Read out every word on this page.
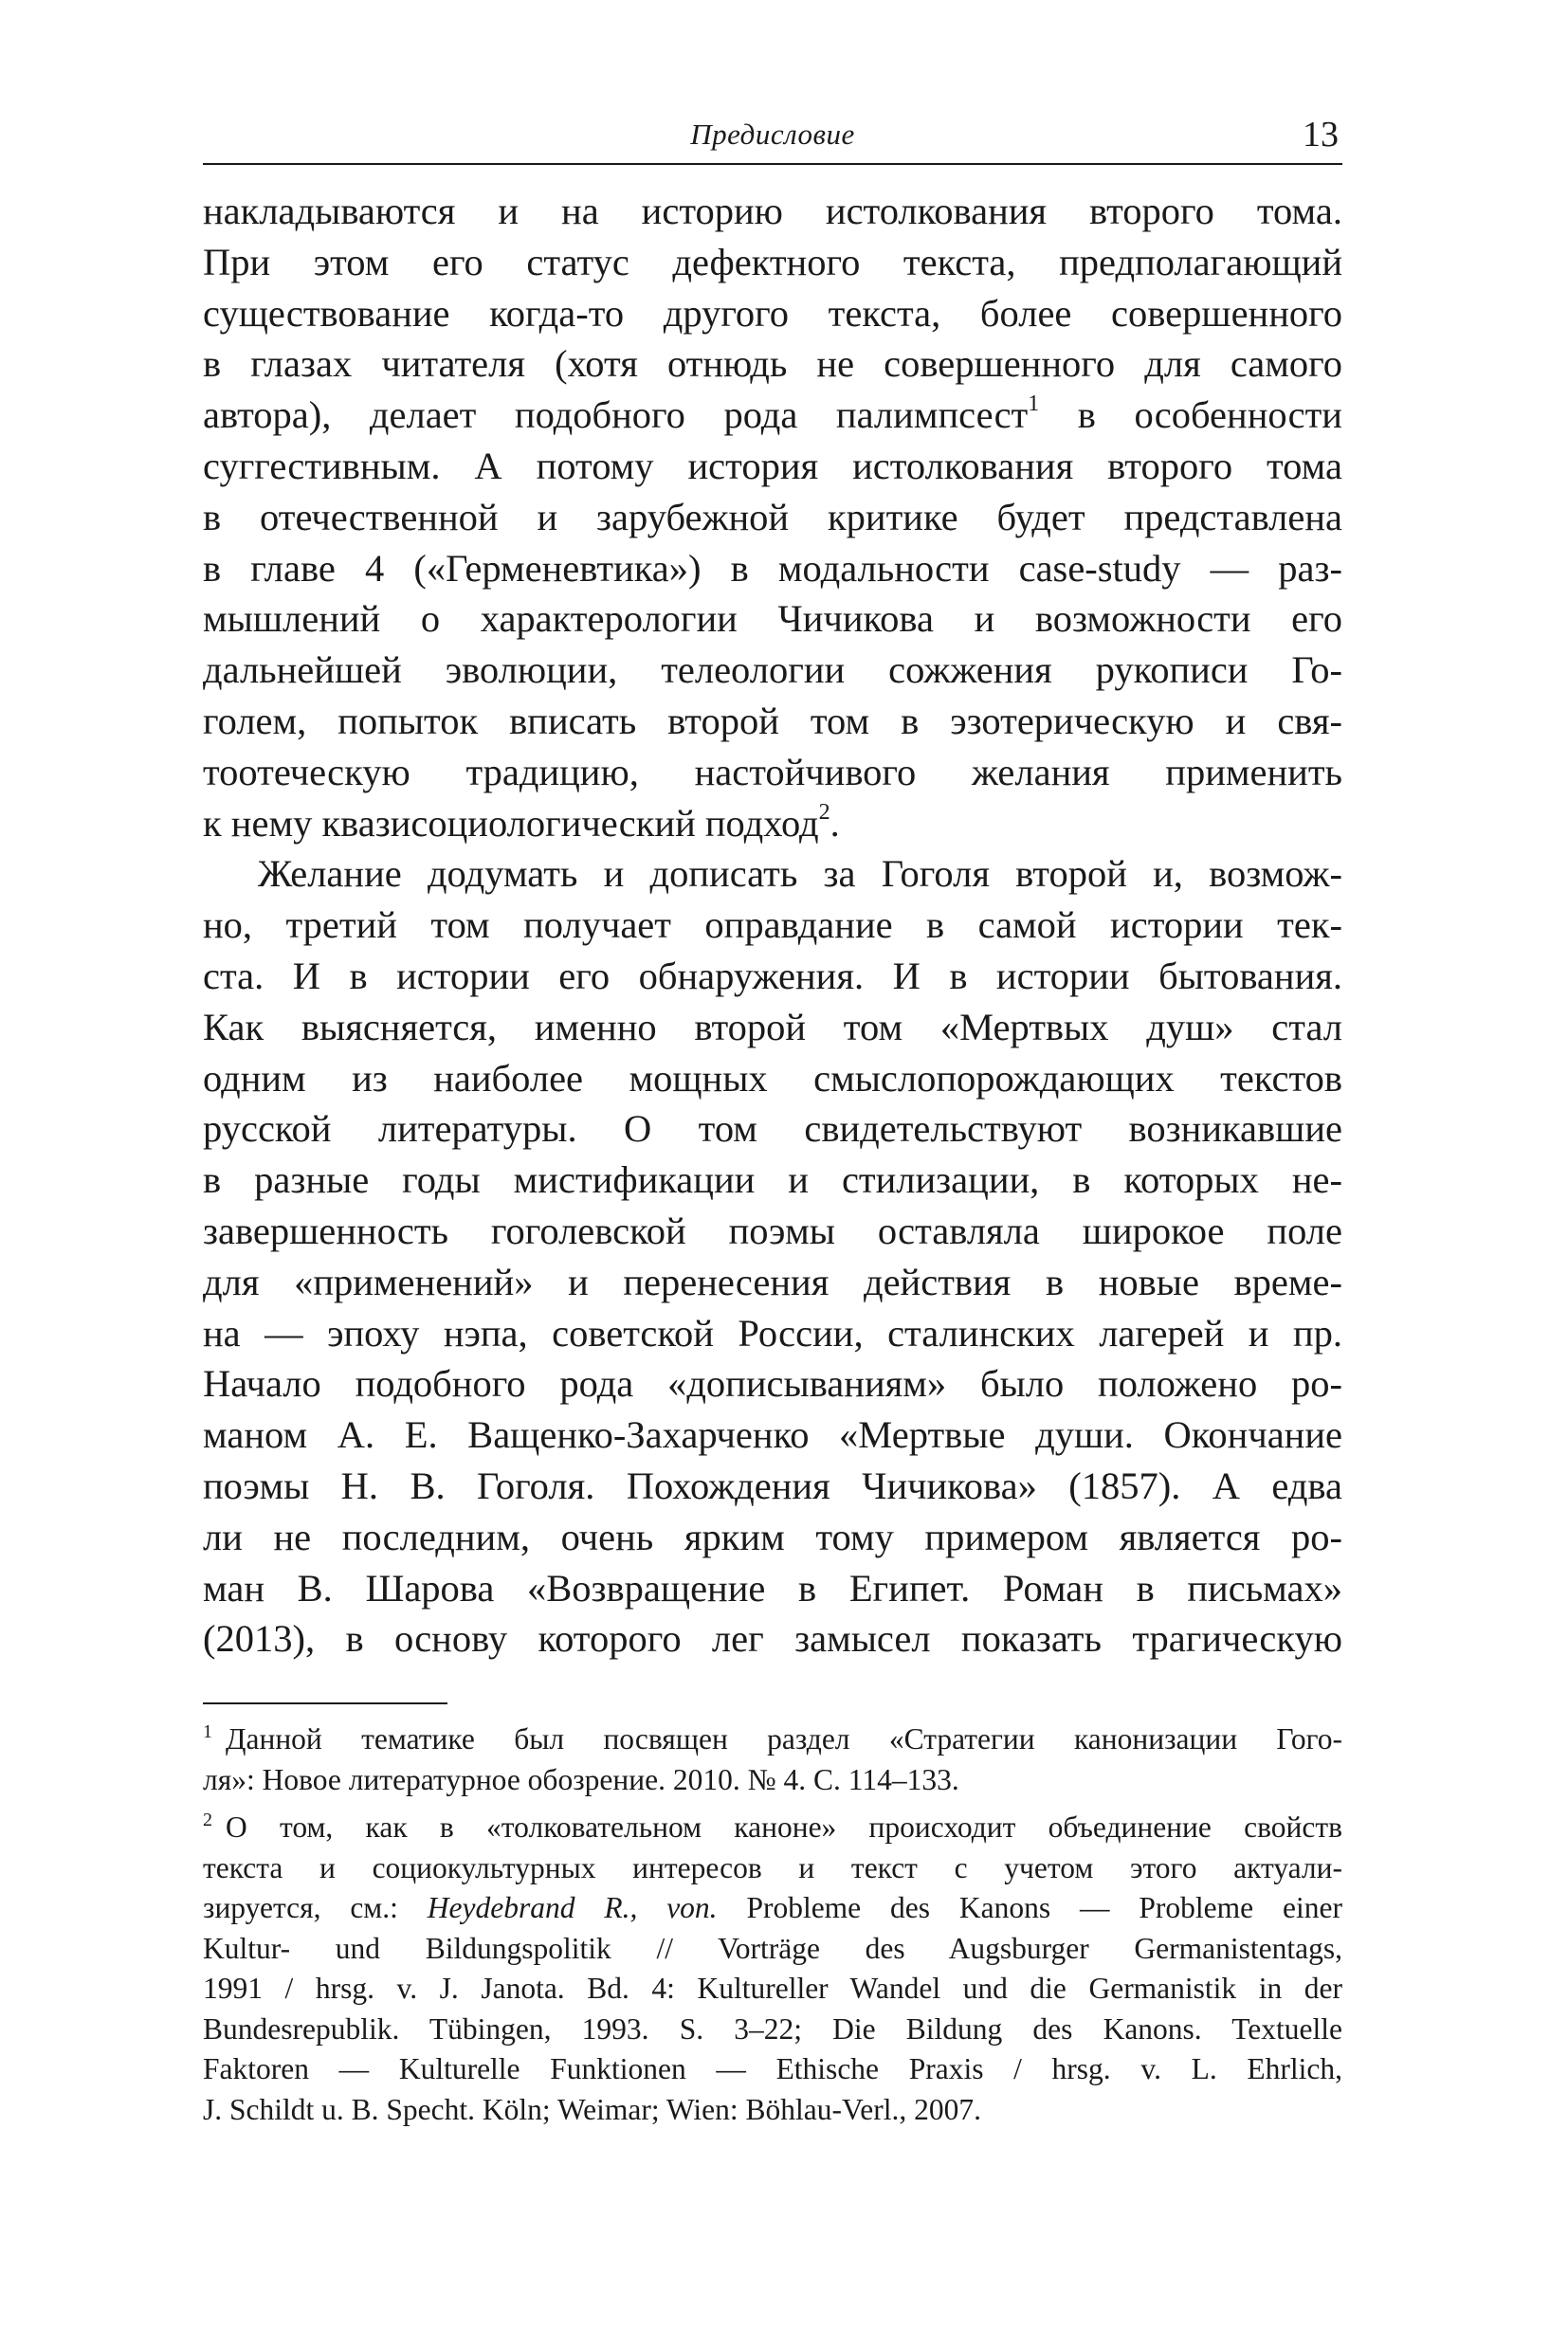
Предисловие	13

накладываются и на историю истолкования второго тома.
При этом его статус дефектного текста, предполагающий
существование когда-то другого текста, более совершенного
в глазах читателя (хотя отнюдь не совершенного для самого
автора), делает подобного рода палимпсест$^1$ в особенности
суггестивным. А потому история истолкования второго тома
в отечественной и зарубежной критике будет представлена
в главе 4 («Герменевтика») в модальности case-study — раз-
мышлений о характерологии Чичикова и возможности его
дальнейшей эволюции, телеологии сожжения рукописи Го-
голем, попыток вписать второй том в эзотерическую и свя-
тоотеческую традицию, настойчивого желания применить
к нему квазисоциологический подход$^2$.

Желание додумать и дописать за Гоголя второй и, возмож-
но, третий том получает оправдание в самой истории тек-
ста. И в истории его обнаружения. И в истории бытования.
Как выясняется, именно второй том «Мертвых душ» стал
одним из наиболее мощных смыслопорождающих текстов
русской литературы. О том свидетельствуют возникавшие
в разные годы мистификации и стилизации, в которых не-
завершенность гоголевской поэмы оставляла широкое поле
для «применений» и перенесения действия в новые време-
на — эпоху нэпа, советской России, сталинских лагерей и пр.
Начало подобного рода «дописываниям» было положено ро-
маном А. Е. Ващенко-Захарченко «Мертвые души. Окончание
поэмы Н. В. Гоголя. Похождения Чичикова» (1857). А едва
ли не последним, очень ярким тому примером является ро-
ман В. Шарова «Возвращение в Египет. Роман в письмах»
(2013), в основу которого лег замысел показать трагическую

$^1$ Данной тематике был посвящен раздел «Стратегии канонизации Гого-
ля»: Новое литературное обозрение. 2010. № 4. С. 114–133.
$^2$ О том, как в «толковательном каноне» происходит объединение свойств
текста и социокультурных интересов и текст с учетом этого актуали-
зируется, см.: Heydebrand R., von. Probleme des Kanons — Probleme einer
Kultur- und Bildungspolitik // Vorträge des Augsburger Germanistentags,
1991 / hrsg. v. J. Janota. Bd. 4: Kultureller Wandel und die Germanistik in der
Bundesrepublik. Tübingen, 1993. S. 3–22; Die Bildung des Kanons. Textuelle
Faktoren — Kulturelle Funktionen — Ethische Praxis / hrsg. v. L. Ehrlich,
J. Schildt u. B. Specht. Köln; Weimar; Wien: Böhlau-Verl., 2007.
